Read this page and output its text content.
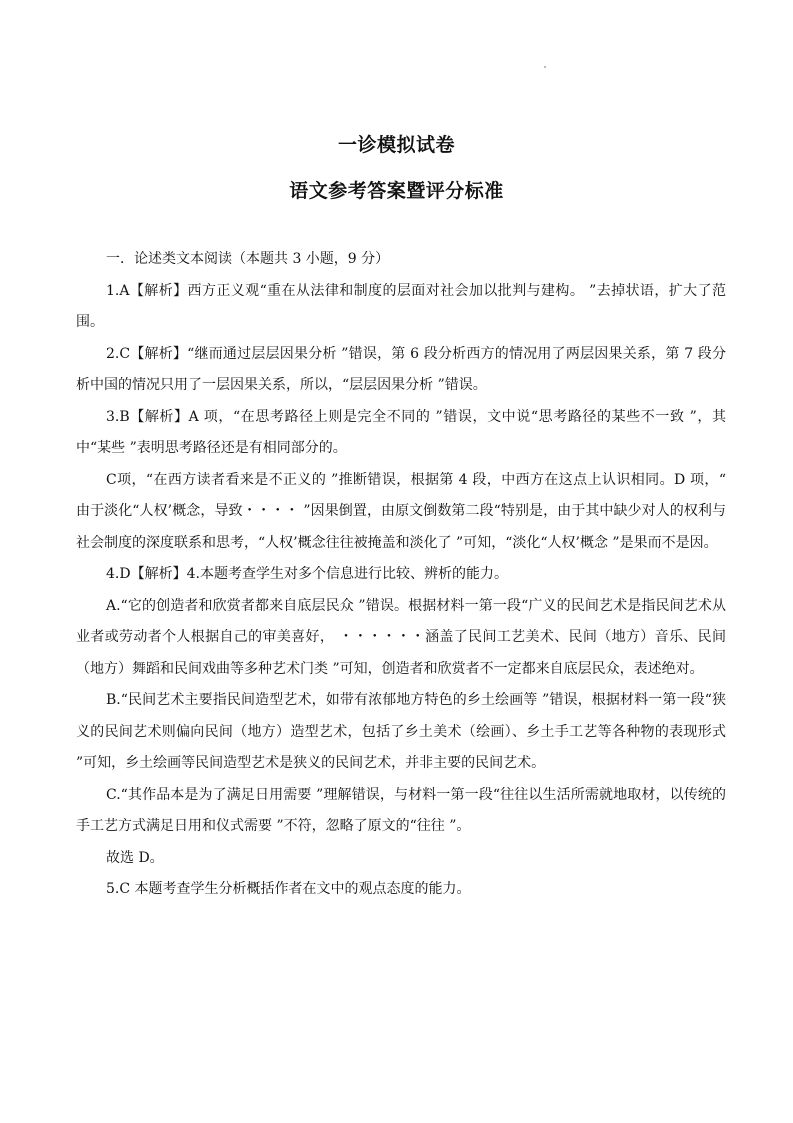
一诊模拟试卷
语文参考答案暨评分标准

一．论述类文本阅读（本题共 3 小题，9 分）

1.A【解析】西方正义观“重在从法律和制度的层面对社会加以批判与建构。 ”去掉状语，扩大了范围。

2.C【解析】“继而通过层层因果分析 ”错误，第 6 段分析西方的情况用了两层因果关系，第 7 段分析中国的情况只用了一层因果关系，所以，“层层因果分析 ”错误。

3.B【解析】A 项，“在思考路径上则是完全不同的 ”错误，文中说“思考路径的某些不一致 ”，其中“某些 ”表明思考路径还是有相同部分的。

C项，“在西方读者看来是不正义的 ”推断错误，根据第 4 段，中西方在这点上认识相同。D 项，“ 由于淡化“人权’概念，导致・・・・ ”因果倒置，由原文倒数第二段“特别是，由于其中缺少对人的权利与社会制度的深度联系和思考，“人权’概念往往被掩盖和淡化了 ”可知，“淡化“人权’概念 ”是果而不是因。

4.D【解析】4.本题考查学生对多个信息进行比较、辨析的能力。

A.“它的创造者和欣赏者都来自底层民众 ”错误。根据材料一第一段“广义的民间艺术是指民间艺术从业者或劳动者个人根据自己的审美喜好， ・・・・・・涵盖了民间工艺美术、民间（地方）音乐、民间（地方）舞蹈和民间戏曲等多种艺术门类 ”可知，创造者和欣赏者不一定都来自底层民众，表述绝对。

B.“民间艺术主要指民间造型艺术，如带有浓郁地方特色的乡土绘画等 ”错误，根据材料一第一段“狭义的民间艺术则偏向民间（地方）造型艺术，包括了乡土美术（绘画）、乡土手工艺等各种物的表现形式 ”可知，乡土绘画等民间造型艺术是狭义的民间艺术，并非主要的民间艺术。

C.“其作品本是为了满足日用需要 ”理解错误，与材料一第一段“往往以生活所需就地取材，以传统的手工艺方式满足日用和仪式需要 ”不符，忽略了原文的“往往 ”。

故选 D。

5.C 本题考查学生分析概括作者在文中的观点态度的能力。
